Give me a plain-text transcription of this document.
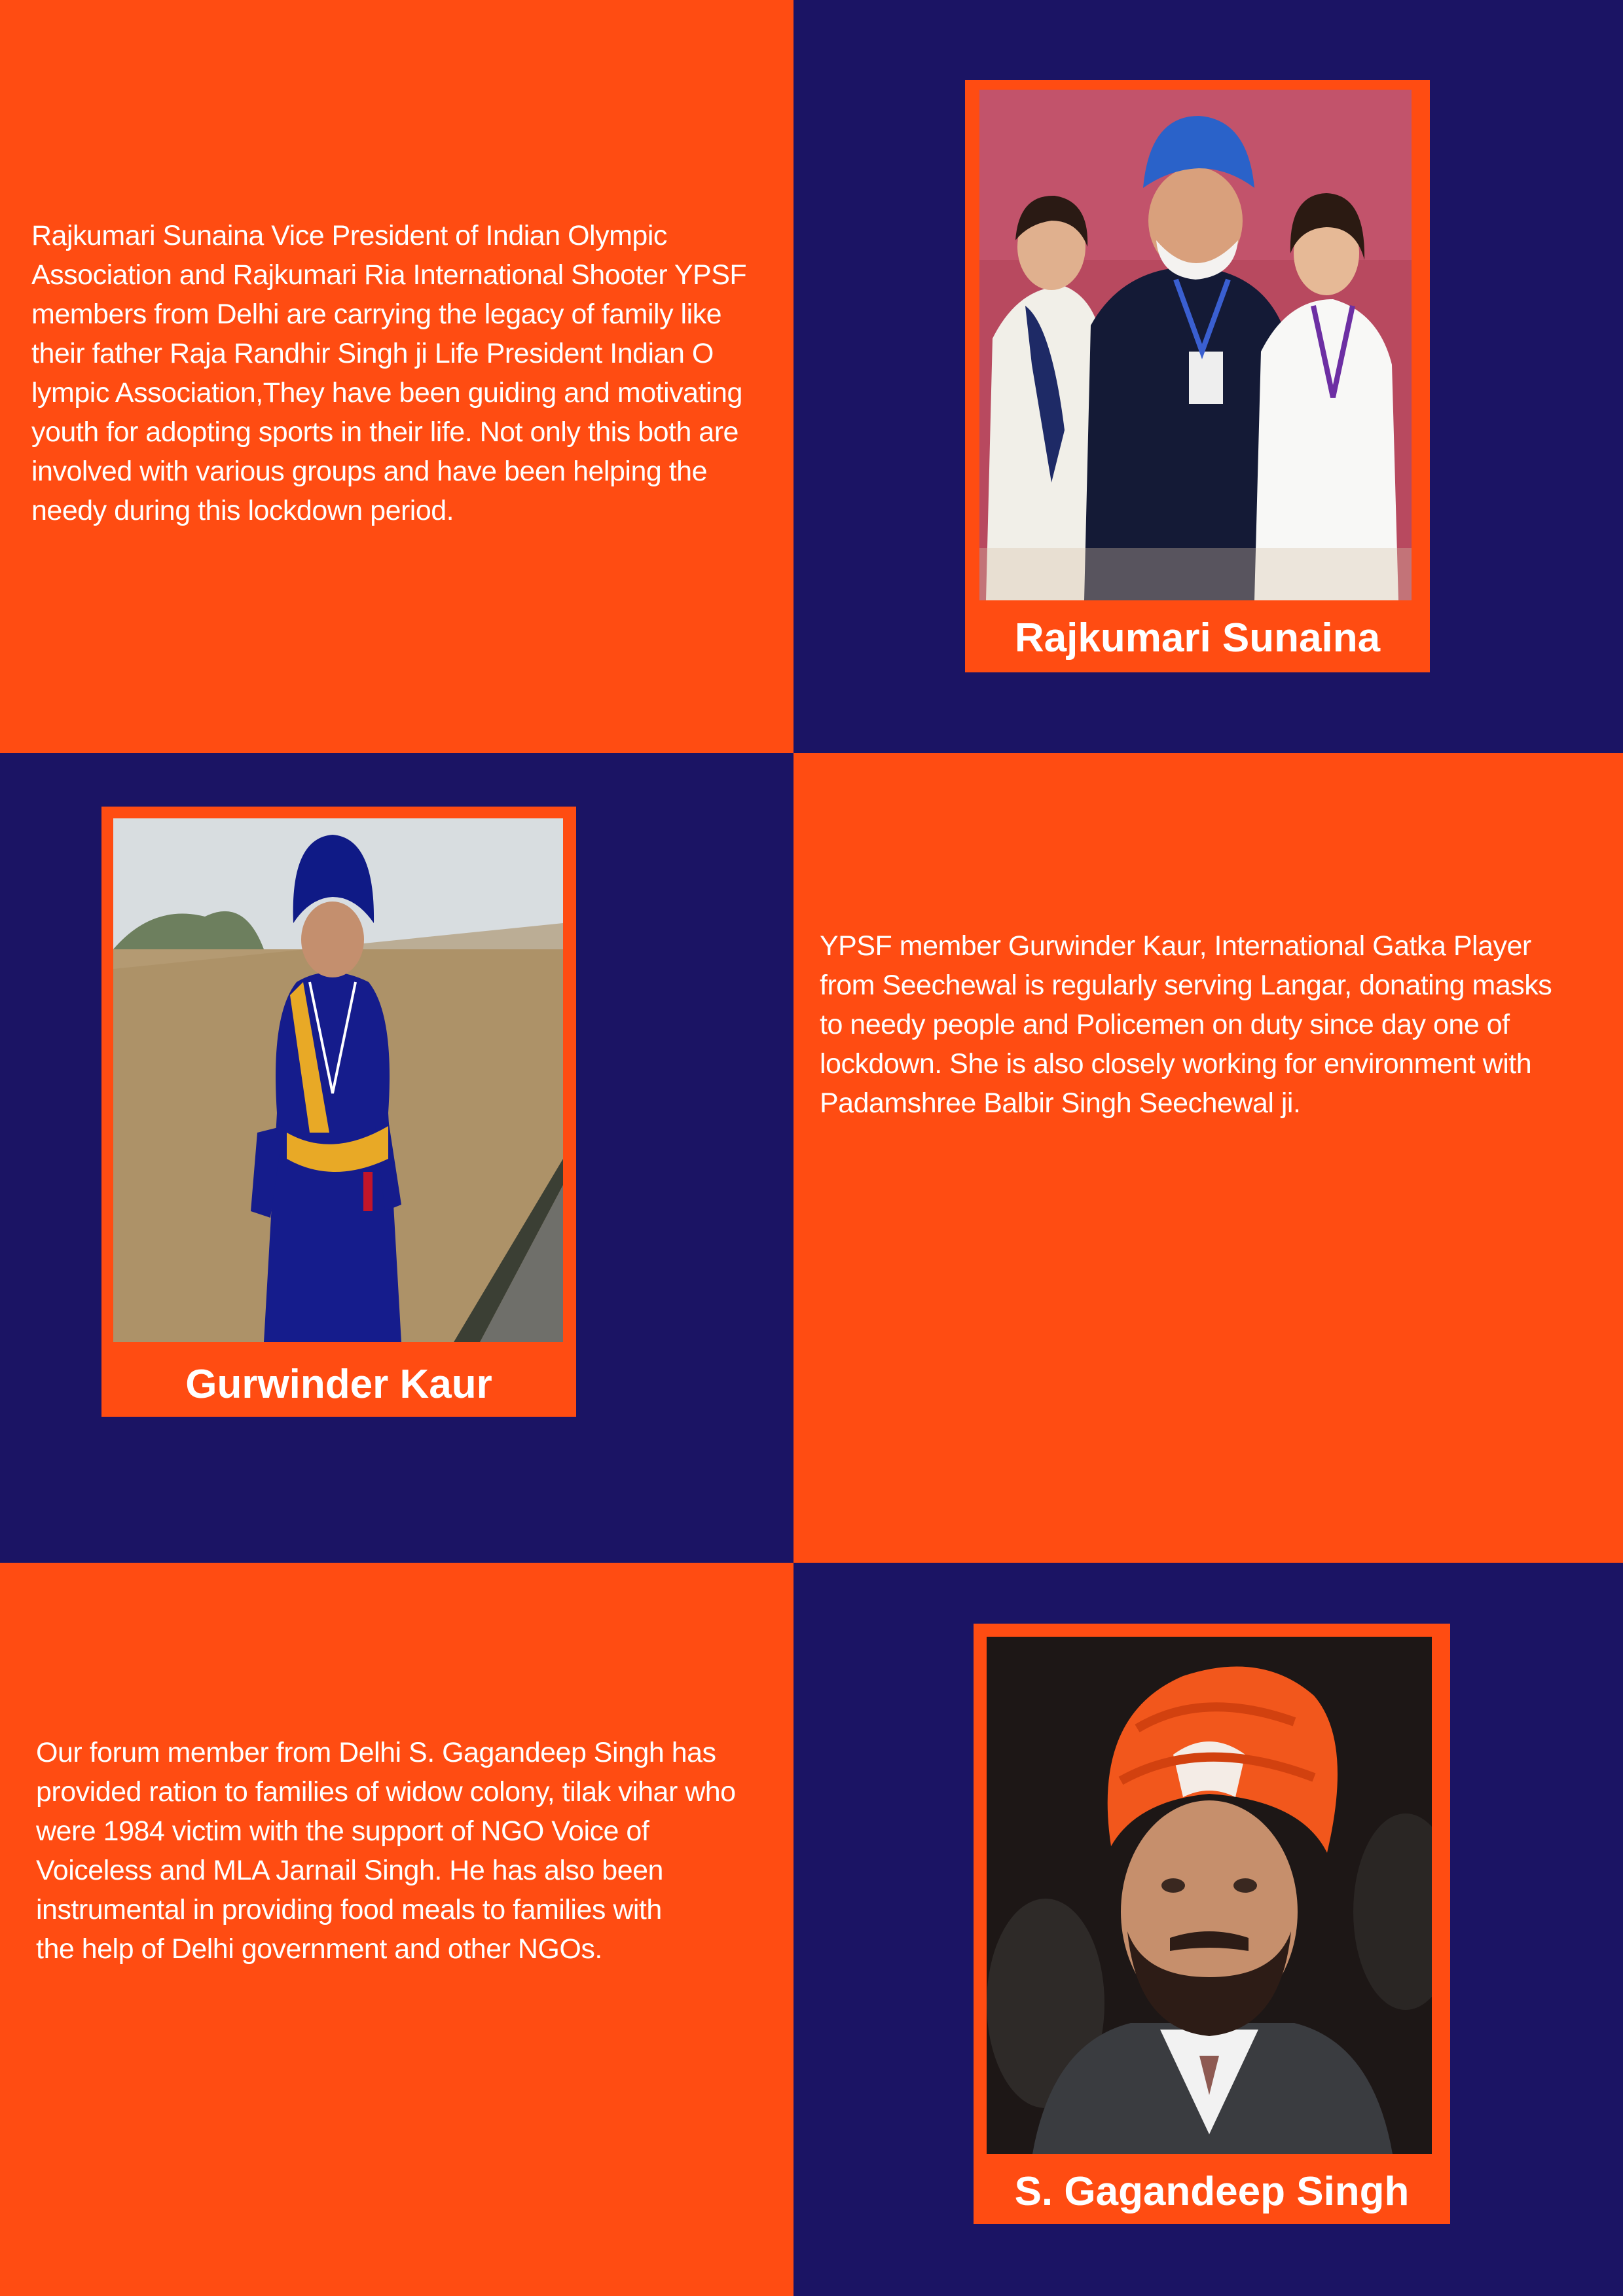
Rajkumari Sunaina Vice President of Indian Olympic
Association and Rajkumari Ria International Shooter YPSF
members from Delhi are carrying the legacy of family like
their father Raja Randhir Singh ji Life President Indian O
lympic Association,They have been guiding and motivating
youth for adopting sports in their life. Not only this both are
involved with various groups and have been helping the
needy during this lockdown period.

Rajkumari Sunaina
Gurwinder Kaur

YPSF member Gurwinder Kaur, International Gatka Player
from Seechewal is regularly serving Langar, donating masks
to needy people and Policemen on duty since day one of
lockdown. She is also closely working for environment with
Padamshree Balbir Singh Seechewal ji.

Our forum member from Delhi S. Gagandeep Singh has
provided ration to families of widow colony, tilak vihar who
were 1984 victim with the support of NGO Voice of
Voiceless and MLA Jarnail Singh. He has also been
instrumental in providing food meals to families with
the help of Delhi government and other NGOs.

S. Gagandeep Singh
